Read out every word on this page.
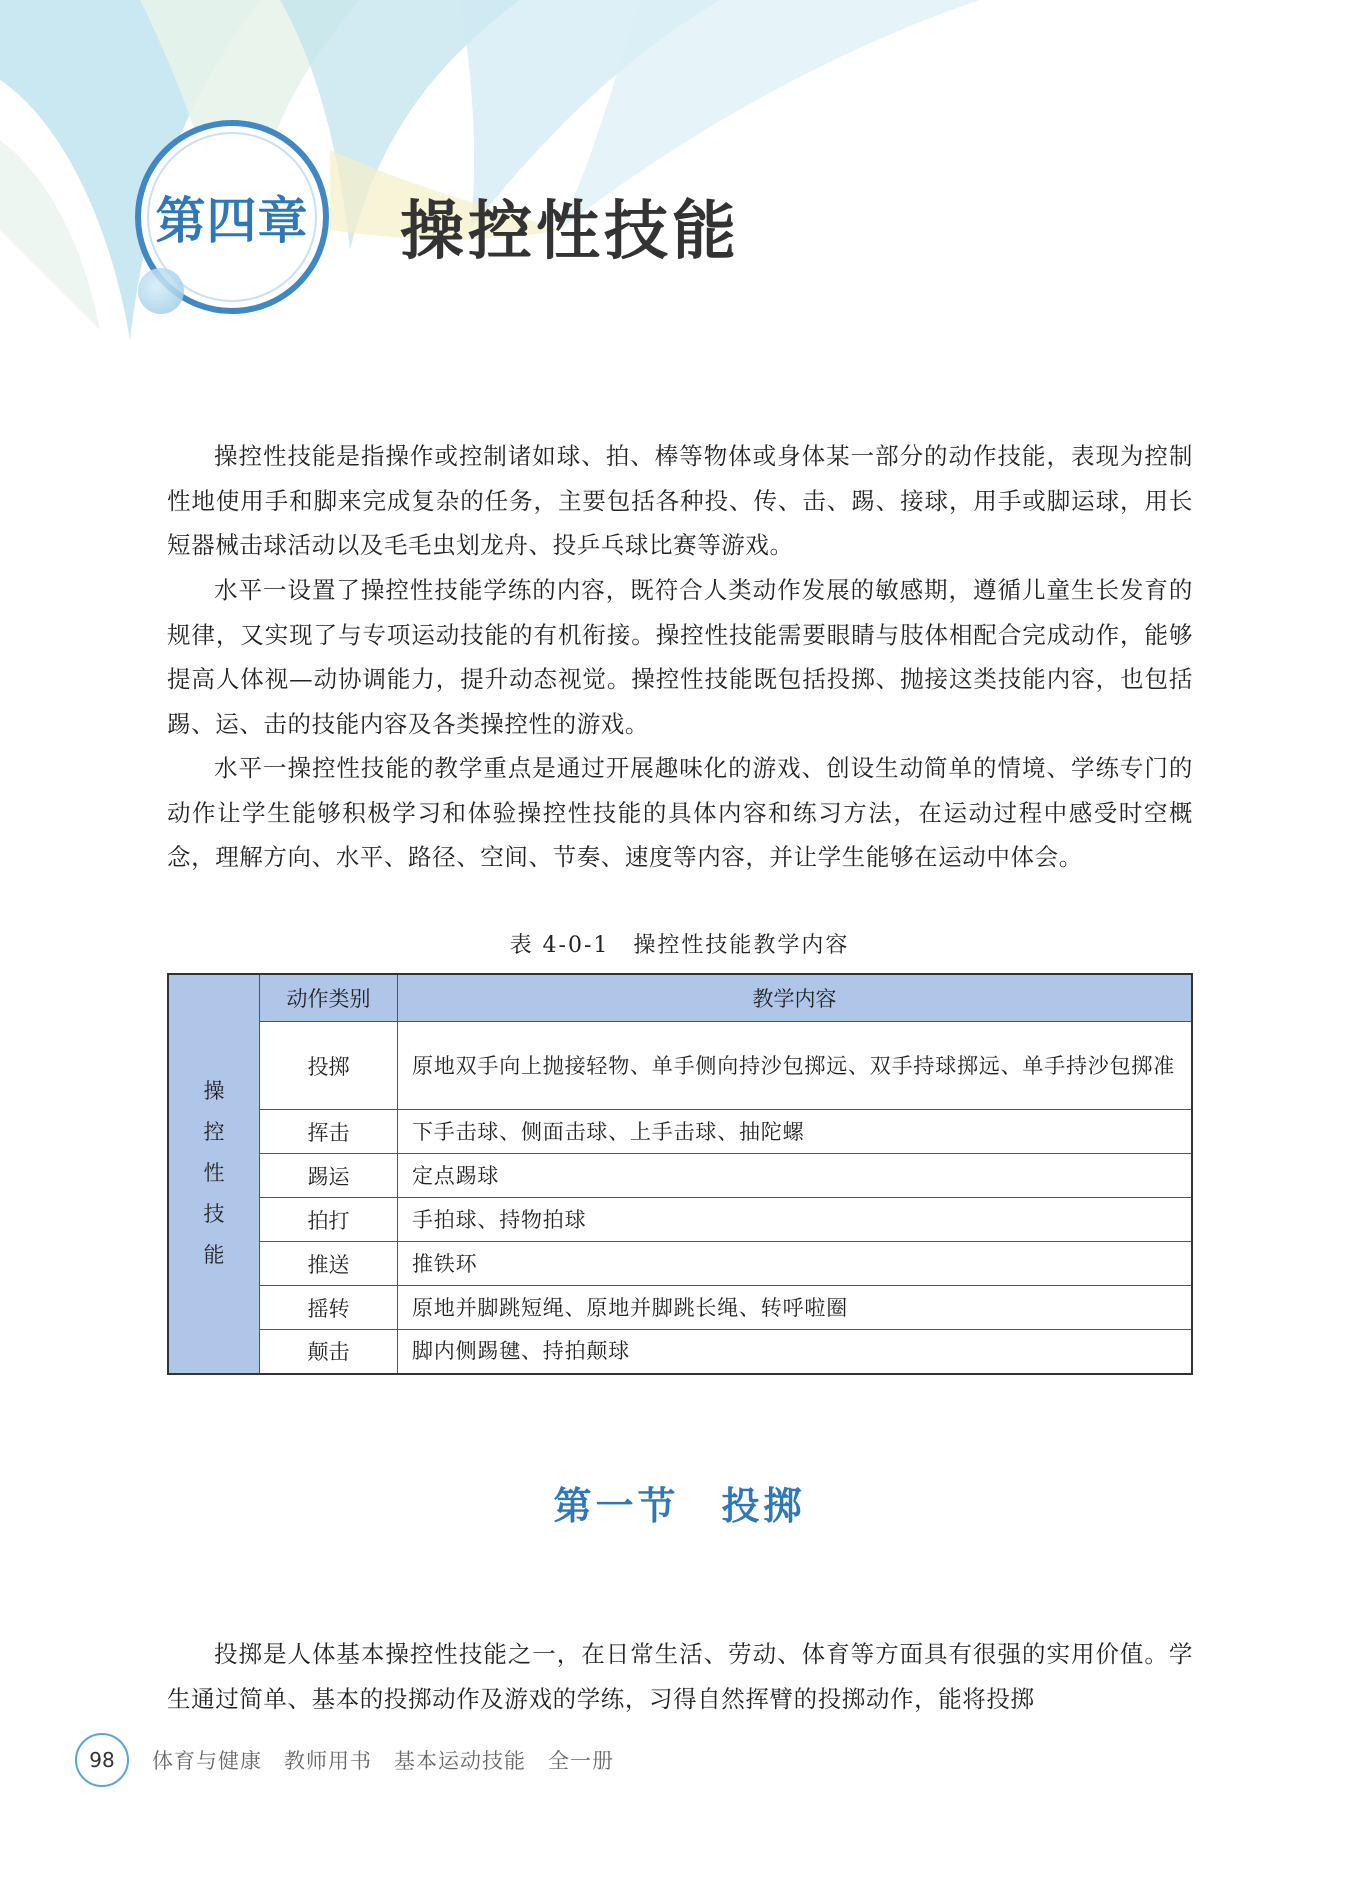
第四章	操控性技能

操控性技能是指操作或控制诸如球、拍、棒等物体或身体某一部分的动作技能，表现为控制性地使用手和脚来完成复杂的任务，主要包括各种投、传、击、踢、接球，用手或脚运球，用长短器械击球活动以及毛毛虫划龙舟、投乒乓球比赛等游戏。

水平一设置了操控性技能学练的内容，既符合人类动作发展的敏感期，遵循儿童生长发育的规律，又实现了与专项运动技能的有机衔接。操控性技能需要眼睛与肢体相配合完成动作，能够提高人体视—动协调能力，提升动态视觉。操控性技能既包括投掷、抛接这类技能内容，也包括踢、运、击的技能内容及各类操控性的游戏。

水平一操控性技能的教学重点是通过开展趣味化的游戏、创设生动简单的情境、学练专门的动作让学生能够积极学习和体验操控性技能的具体内容和练习方法，在运动过程中感受时空概念，理解方向、水平、路径、空间、节奏、速度等内容，并让学生能够在运动中体会。

表 4-0-1　操控性技能教学内容
操
控
性
技
能	动作类别	教学内容
	投掷	原地双手向上抛接轻物、单手侧向持沙包掷远、双手持球掷远、单手持沙包掷准
	挥击	下手击球、侧面击球、上手击球、抽陀螺
	踢运	定点踢球
	拍打	手拍球、持物拍球
	推送	推铁环
	摇转	原地并脚跳短绳、原地并脚跳长绳、转呼啦圈
	颠击	脚内侧踢毽、持拍颠球
第一节　投掷

投掷是人体基本操控性技能之一，在日常生活、劳动、体育等方面具有很强的实用价值。学生通过简单、基本的投掷动作及游戏的学练，习得自然挥臂的投掷动作，能将投掷

98	体育与健康　教师用书　基本运动技能　全一册
